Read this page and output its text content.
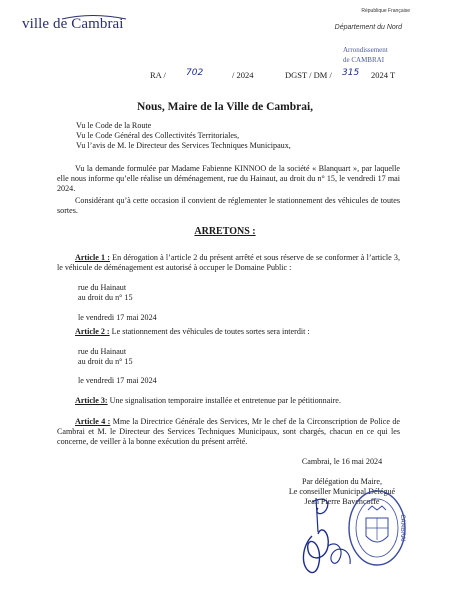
ville de Cambrai
République Française
Département du Nord
Arrondissement
de CAMBRAI
RA / 702	/ 2024	DGST / DM / 315 2024 T
Nous, Maire de la Ville de Cambrai,
Vu le Code de la Route
Vu le Code Général des Collectivités Territoriales,
Vu l’avis de M. le Directeur des Services Techniques Municipaux,
Vu la demande formulée par Madame Fabienne KINNOO de la société « Blanquart », par laquelle elle nous informe qu’elle réalise un déménagement, rue du Hainaut, au droit du n° 15, le vendredi 17 mai 2024.
Considérant qu’à cette occasion il convient de réglementer le stationnement des véhicules de toutes sortes.
ARRETONS :
Article 1 : En dérogation à l’article 2 du présent arrêté et sous réserve de se conformer à l’article 3, le véhicule de déménagement est autorisé à occuper le Domaine Public :
rue du Hainaut
au droit du n° 15
le vendredi 17 mai 2024
Article 2 : Le stationnement des véhicules de toutes sortes sera interdit :
rue du Hainaut
au droit du n° 15
le vendredi 17 mai 2024
Article 3: Une signalisation temporaire installée et entretenue par le pétitionnaire.
Article 4 : Mme la Directrice Générale des Services, Mr le chef de la Circonscription de Police de Cambrai et M. le Directeur des Services Techniques Municipaux, sont chargés, chacun en ce qui les concerne, de veiller à la bonne exécution du présent arrêté.
Cambrai, le 16 mai 2024
Par délégation du Maire,
Le conseiller Municipal Délégué
Jean Pierre Bavencoffe
CAMBRAI
